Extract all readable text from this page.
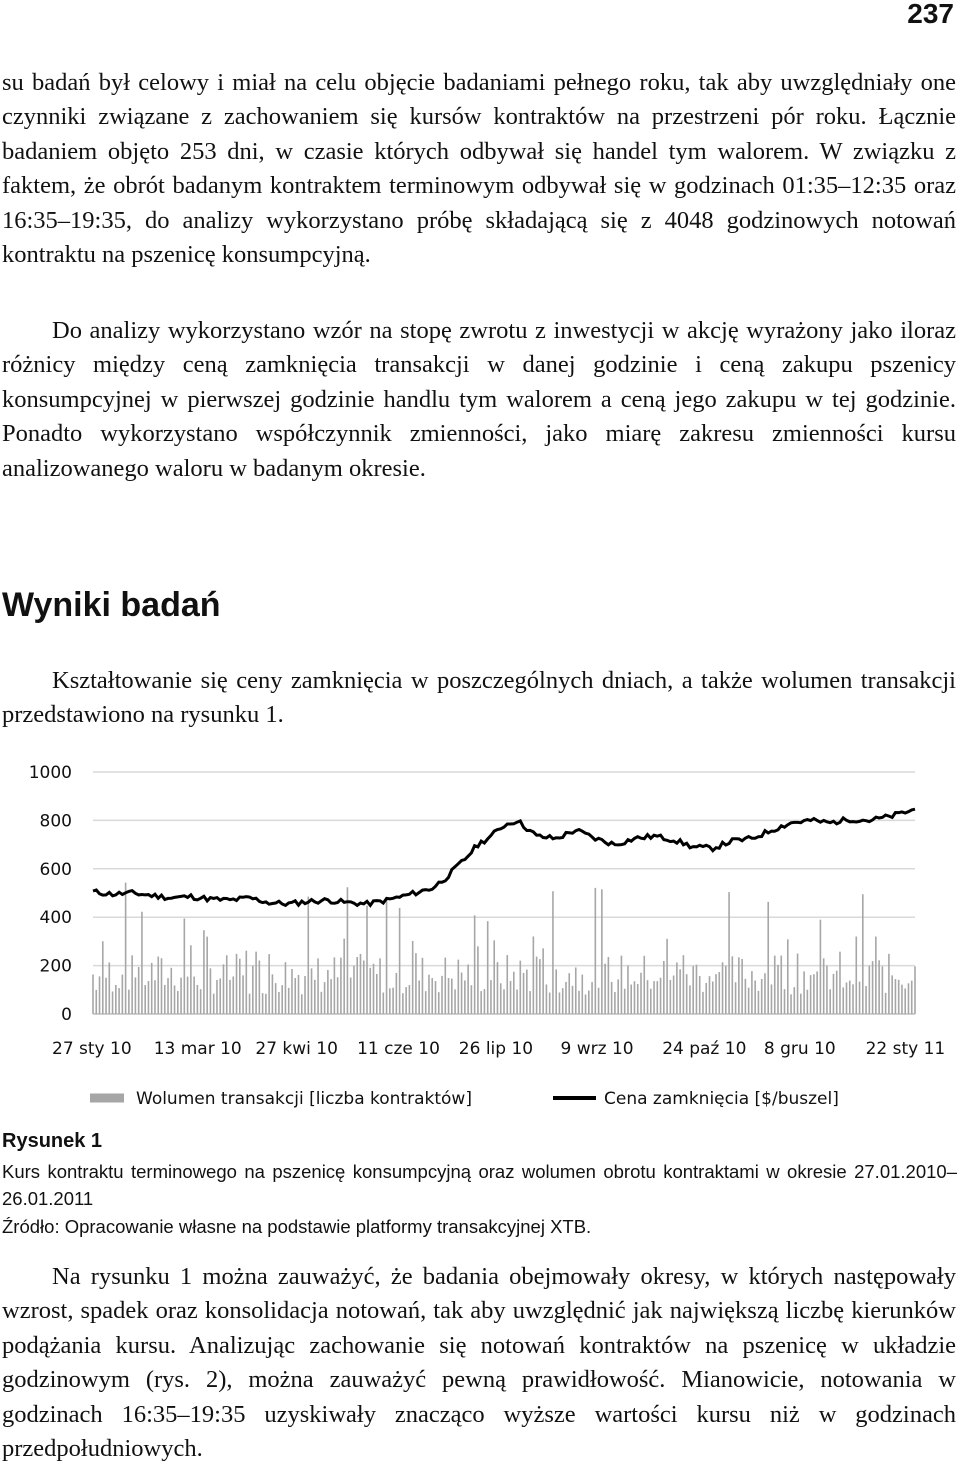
237

su badań był celowy i miał na celu objęcie badaniami pełnego roku, tak aby uwzględniały one czynniki związane z zachowaniem się kursów kontraktów na przestrzeni pór roku. Łącznie badaniem objęto 253 dni, w czasie których odbywał się handel tym walorem. W związku z faktem, że obrót badanym kontraktem terminowym odbywał się w godzinach 01:35–12:35 oraz 16:35–19:35, do analizy wykorzystano próbę składającą się z 4048 godzinowych notowań kontraktu na pszenicę konsumpcyjną.

Do analizy wykorzystano wzór na stopę zwrotu z inwestycji w akcję wyrażony jako iloraz różnicy między ceną zamknięcia transakcji w danej godzinie i ceną zakupu pszenicy konsumpcyjnej w pierwszej godzinie handlu tym walorem a ceną jego zakupu w tej godzinie. Ponadto wykorzystano współczynnik zmienności, jako miarę zakresu zmienności kursu analizowanego waloru w badanym okresie.

Wyniki badań

Kształtowanie się ceny zamknięcia w poszczególnych dniach, a także wolumen transakcji przedstawiono na rysunku 1.

0
200
400
600
800
1000
27 sty 10 13 mar 10 27 kwi 10 11 cze 10 26 lip 10 9 wrz 10 24 paź 10 8 gru 10 22 sty 11
Wolumen transakcji [liczba kontraktów]	Cena zamknięcia [$/buszel]

Rysunek 1

Kurs kontraktu terminowego na pszenicę konsumpcyjną oraz wolumen obrotu kontraktami w okresie 27.01.2010–26.01.2011

Źródło: Opracowanie własne na podstawie platformy transakcyjnej XTB.

Na rysunku 1 można zauważyć, że badania obejmowały okresy, w których następowały wzrost, spadek oraz konsolidacja notowań, tak aby uwzględnić jak największą liczbę kierunków podążania kursu. Analizując zachowanie się notowań kontraktów na pszenicę w układzie godzinowym (rys. 2), można zauważyć pewną prawidłowość. Mianowicie, notowania w godzinach 16:35–19:35 uzyskiwały znacząco wyższe wartości kursu niż w godzinach przedpołudniowych.
